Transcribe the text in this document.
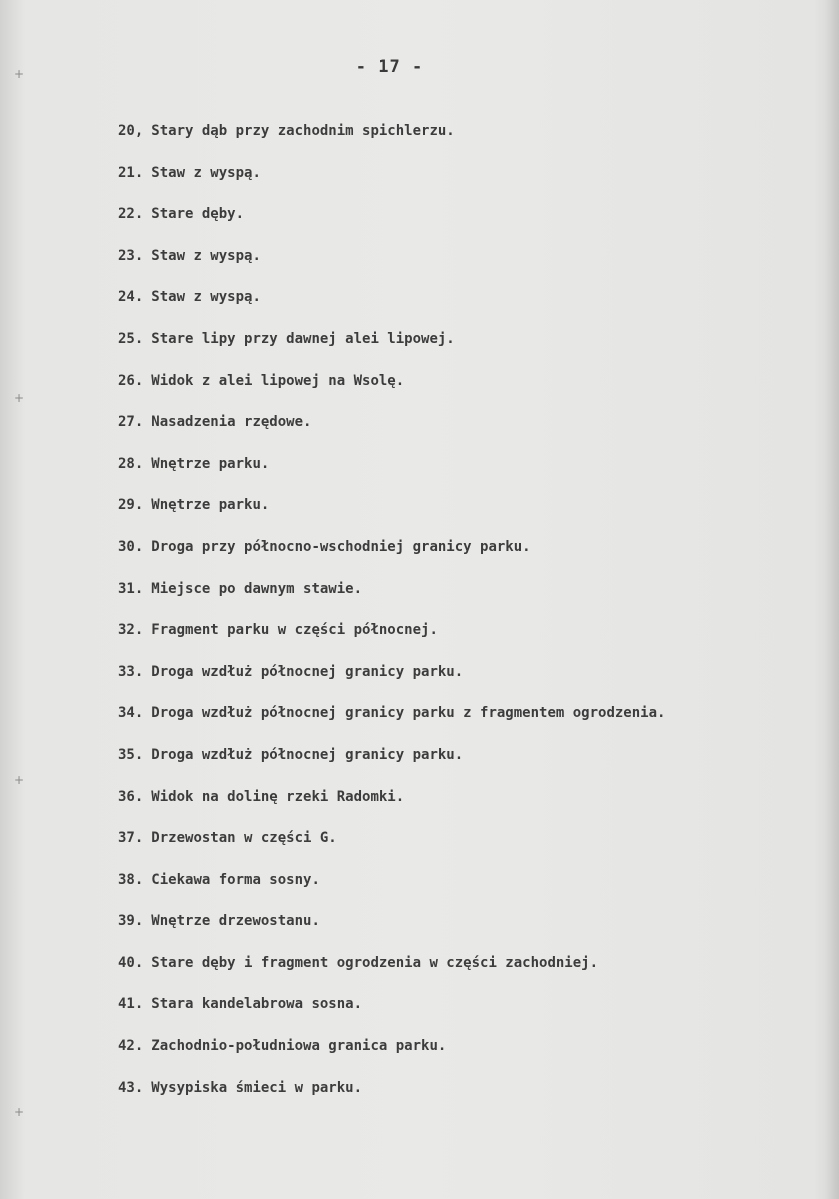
+
+
+
+
- 17 -
20, Stary dąb przy zachodnim spichlerzu.
21. Staw z wyspą.
22. Stare dęby.
23. Staw z wyspą.
24. Staw z wyspą.
25. Stare lipy przy dawnej alei lipowej.
26. Widok z alei lipowej na Wsolę.
27. Nasadzenia rzędowe.
28. Wnętrze parku.
29. Wnętrze parku.
30. Droga przy północno-wschodniej granicy parku.
31. Miejsce po dawnym stawie.
32. Fragment parku w części północnej.
33. Droga wzdłuż północnej granicy parku.
34. Droga wzdłuż północnej granicy parku z fragmentem ogrodzenia.
35. Droga wzdłuż północnej granicy parku.
36. Widok na dolinę rzeki Radomki.
37. Drzewostan w części G.
38. Ciekawa forma sosny.
39. Wnętrze drzewostanu.
40. Stare dęby i fragment ogrodzenia w części zachodniej.
41. Stara kandelabrowa sosna.
42. Zachodnio-południowa granica parku.
43. Wysypiska śmieci w parku.
